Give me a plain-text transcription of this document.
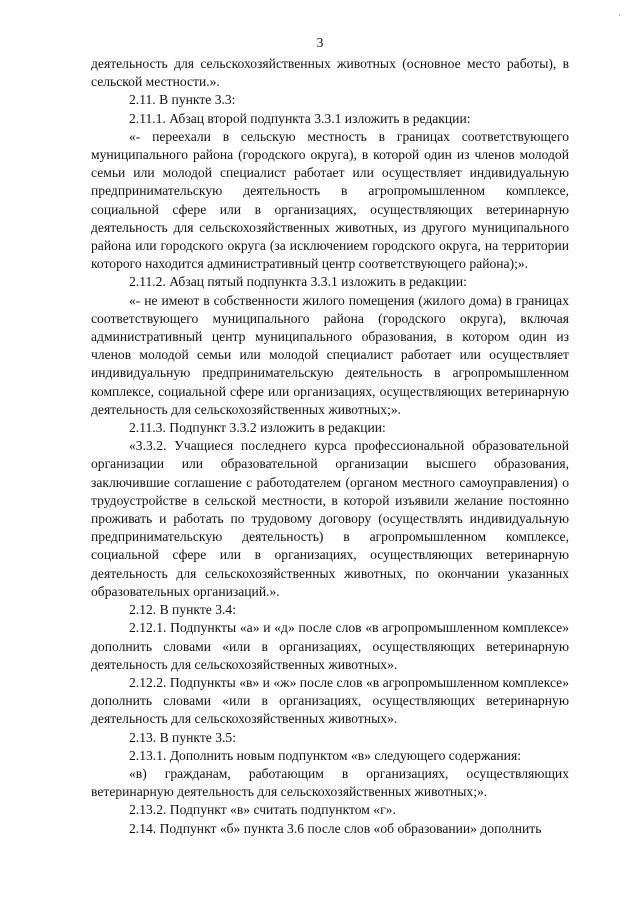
·
3

деятельность для сельскохозяйственных животных (основное место работы), в сельской местности.».

2.11. В пункте 3.3:

2.11.1. Абзац второй подпункта 3.3.1 изложить в редакции:

«- переехали в сельскую местность в границах соответствующего муниципального района (городского округа), в которой один из членов молодой семьи или молодой специалист работает или осуществляет индивидуальную предпринимательскую деятельность в агропромышленном комплексе, социальной сфере или в организациях, осуществляющих ветеринарную деятельность для сельскохозяйственных животных, из другого муниципального района или городского округа (за исключением городского округа, на территории которого находится административный центр соответствующего района);».

2.11.2. Абзац пятый подпункта 3.3.1 изложить в редакции:

«- не имеют в собственности жилого помещения (жилого дома) в границах соответствующего муниципального района (городского округа), включая административный центр муниципального образования, в котором один из членов молодой семьи или молодой специалист работает или осуществляет индивидуальную предпринимательскую деятельность в агропромышленном комплексе, социальной сфере или организациях, осуществляющих ветеринарную деятельность для сельскохозяйственных животных;».

2.11.3. Подпункт 3.3.2 изложить в редакции:

«3.3.2. Учащиеся последнего курса профессиональной образовательной организации или образовательной организации высшего образования, заключившие соглашение с работодателем (органом местного самоуправления) о трудоустройстве в сельской местности, в которой изъявили желание постоянно проживать и работать по трудовому договору (осуществлять индивидуальную предпринимательскую деятельность) в агропромышленном комплексе, социальной сфере или в организациях, осуществляющих ветеринарную деятельность для сельскохозяйственных животных, по окончании указанных образовательных организаций.».

2.12. В пункте 3.4:

2.12.1. Подпункты «а» и «д» после слов «в агропромышленном комплексе» дополнить словами «или в организациях, осуществляющих ветеринарную деятельность для сельскохозяйственных животных».

2.12.2. Подпункты «в» и «ж» после слов «в агропромышленном комплексе» дополнить словами «или в организациях, осуществляющих ветеринарную деятельность для сельскохозяйственных животных».

2.13. В пункте 3.5:

2.13.1. Дополнить новым подпунктом «в» следующего содержания:

«в) гражданам, работающим в организациях, осуществляющих ветеринарную деятельность для сельскохозяйственных животных;».

2.13.2. Подпункт «в» считать подпунктом «г».

2.14. Подпункт «б» пункта 3.6 после слов «об образовании» дополнить
